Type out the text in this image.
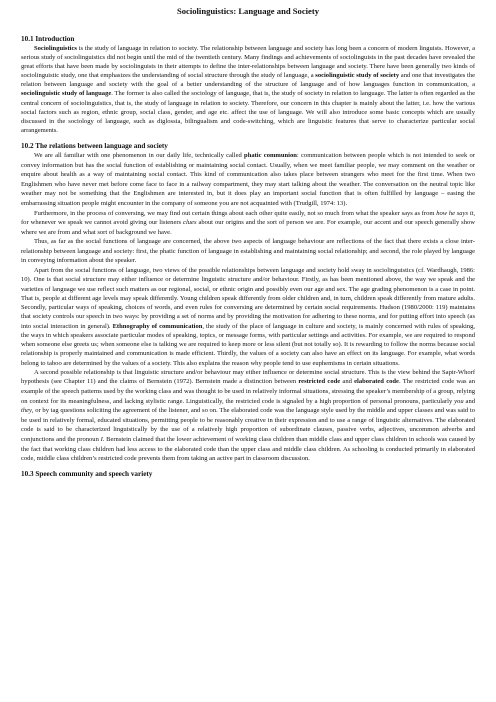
Sociolinguistics: Language and Society
10.1 Introduction

Sociolinguistics is the study of language in relation to society. The relationship between language and society has long been a concern of modern linguists. However, a serious study of sociolinguistics did not begin until the mid of the twentieth century. Many findings and achievements of sociolinguists in the past decades have revealed the great efforts that have been made by sociolinguists in their attempts to define the inter-relationships between language and society. There have been generally two kinds of sociolinguistic study, one that emphasizes the understanding of social structure through the study of language, a sociolinguistic study of society and one that investigates the relation between language and society with the goal of a better understanding of the structure of language and of how languages function in communication, a sociolinguistic study of language. The former is also called the sociology of language, that is, the study of society in relation to language. The latter is often regarded as the central concern of sociolinguistics, that is, the study of language in relation to society. Therefore, our concern in this chapter is mainly about the latter, i.e. how the various social factors such as region, ethnic group, social class, gender, and age etc. affect the use of language. We will also introduce some basic concepts which are usually discussed in the sociology of language, such as diglossia, bilingualism and code-switching, which are linguistic features that serve to characterize particular social arrangements.

10.2 The relations between language and society

We are all familiar with one phenomenon in our daily life, technically called phatic communion: communication between people which is not intended to seek or convey information but has the social function of establishing or maintaining social contact. Usually, when we meet familiar people, we may comment on the weather or enquire about health as a way of maintaining social contact. This kind of communication also takes place between strangers who meet for the first time. When two Englishmen who have never met before come face to face in a railway compartment, they may start talking about the weather. The conversation on the neutral topic like weather may not be something that the Englishmen are interested in, but it does play an important social function that is often fulfilled by language – easing the embarrassing situation people might encounter in the company of someone you are not acquainted with (Trudgill, 1974: 13).

Furthermore, in the process of conversing, we may find out certain things about each other quite easily, not so much from what the speaker says as from how he says it, for whenever we speak we cannot avoid giving our listeners clues about our origins and the sort of person we are. For example, our accent and our speech generally show where we are from and what sort of background we have.

Thus, as far as the social functions of language are concerned, the above two aspects of language behaviour are reflections of the fact that there exists a close inter-relationship between language and society: first, the phatic function of language in establishing and maintaining social relationship; and second, the role played by language in conveying information about the speaker.

Apart from the social functions of language, two views of the possible relationships between language and society hold sway in sociolinguistics (cf. Wardhaugh, 1986: 10). One is that social structure may either influence or determine linguistic structure and/or behaviour. Firstly, as has been mentioned above, the way we speak and the varieties of language we use reflect such matters as our regional, social, or ethnic origin and possibly even our age and sex. The age grading phenomenon is a case in point. That is, people at different age levels may speak differently. Young children speak differently from older children and, in turn, children speak differently from mature adults. Secondly, particular ways of speaking, choices of words, and even rules for conversing are determined by certain social requirements. Hudson (1980/2000: 119) maintains that society controls our speech in two ways: by providing a set of norms and by providing the motivation for adhering to these norms, and for putting effort into speech (as into social interaction in general). Ethnography of communication, the study of the place of language in culture and society, is mainly concerned with rules of speaking, the ways in which speakers associate particular modes of speaking, topics, or message forms, with particular settings and activities. For example, we are required to respond when someone else greets us; when someone else is talking we are required to keep more or less silent (but not totally so). It is rewarding to follow the norms because social relationship is properly maintained and communication is made efficient. Thirdly, the values of a society can also have an effect on its language. For example, what words belong to taboo are determined by the values of a society. This also explains the reason why people tend to use euphemisms in certain situations.

A second possible relationship is that linguistic structure and/or behaviour may either influence or determine social structure. This is the view behind the Sapir-Whorf hypothesis (see Chapter 11) and the claims of Bernstein (1972). Bernstein made a distinction between restricted code and elaborated code. The restricted code was an example of the speech patterns used by the working class and was thought to be used in relatively informal situations, stressing the speaker’s membership of a group, relying on context for its meaningfulness, and lacking stylistic range. Linguistically, the restricted code is signaled by a high proportion of personal pronouns, particularly you and they, or by tag questions soliciting the agreement of the listener, and so on. The elaborated code was the language style used by the middle and upper classes and was said to be used in relatively formal, educated situations, permitting people to be reasonably creative in their expression and to use a range of linguistic alternatives. The elaborated code is said to be characterized linguistically by the use of a relatively high proportion of subordinate clauses, passive verbs, adjectives, uncommon adverbs and conjunctions and the pronoun I. Bernstein claimed that the lower achievement of working class children than middle class and upper class children in schools was caused by the fact that working class children had less access to the elaborated code than the upper class and middle class children. As schooling is conducted primarily in elaborated code, middle class children’s restricted code prevents them from taking an active part in classroom discussion.

10.3 Speech community and speech variety
